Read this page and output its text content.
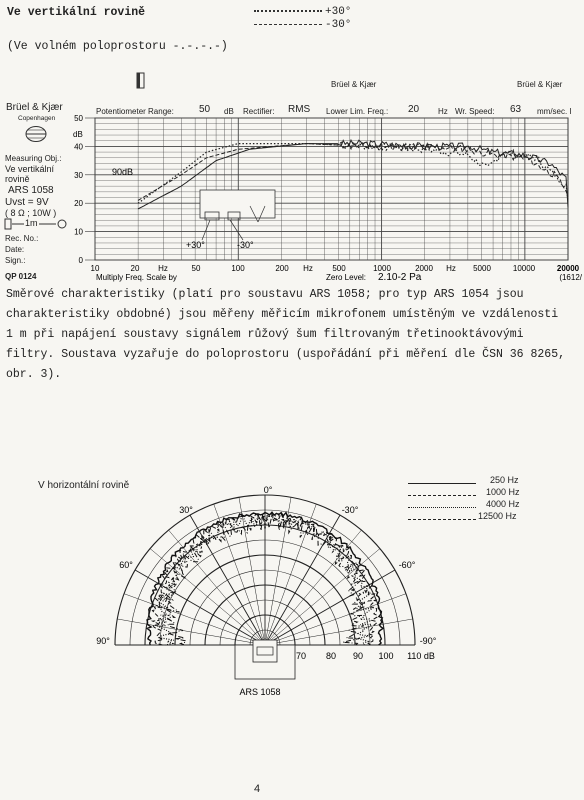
Ve vertikální rovině
(Ve volném poloprostoru -.-.-.-)
+30°
-30°
Brüel & Kjær	Brüel & Kjær
Potentiometer Range:	50 dB Rectifier: RMS Lower Lim. Freq.: 20 Hz Wr. Speed: 63 mm/sec. I
Brüel & Kjær
Copenhagen
Measuring Obj.:
Ve vertikální
rovině
ARS 1058
Uvst = 9V
( 8 Ω ; 10W )
1m
Rec. No.:
Date:
Sign.:
QP 0124
50
40
30
20
10
0
dB
10	20 Hz	50	100	200 Hz 500	1000	2000 Hz 5000	10000	20000
Multiply Freq. Scale by	Zero Level: 2.10-2 Pa	(1612/
90dB
+30°	-30°
Směrové charakteristiky (platí pro soustavu ARS 1058; pro typ ARS 1054 jsou charakteristiky obdobné) jsou měřeny měřicím mikrofonem umístěným ve vzdálenosti 1 m při napájení soustavy signálem růžový šum filtrovaným třetinooktávovými filtry. Soustava vyzařuje do poloprostoru (uspořádání při měření dle ČSN 36 8265, obr. 3).
V horizontální rovině	250 Hz
1000 Hz
4000 Hz
12500 Hz
0°
30°	-30°
60°	-60°
90°	-90°
70 80 90 100 110 dB
ARS 1058
4
